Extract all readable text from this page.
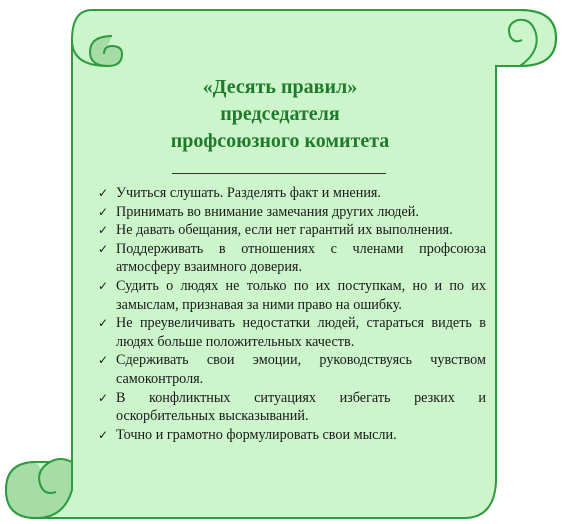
«Десять правил»
председателя
профсоюзного комитета
✓ Учиться слушать. Разделять факт и мнения.
✓ Принимать во внимание замечания других людей.
✓ Не давать обещания, если нет гарантий их выполнения.
✓ Поддерживать в отношениях с членами профсоюза атмосферу взаимного доверия.
✓ Судить о людях не только по их поступкам, но и по их замыслам, признавая за ними право на ошибку.
✓ Не преувеличивать недостатки людей, стараться видеть в людях больше положительных качеств.
✓ Сдерживать свои эмоции, руководствуясь чувством самоконтроля.
✓ В конфликтных ситуациях избегать резких и оскорбительных высказываний.
✓ Точно и грамотно формулировать свои мысли.
